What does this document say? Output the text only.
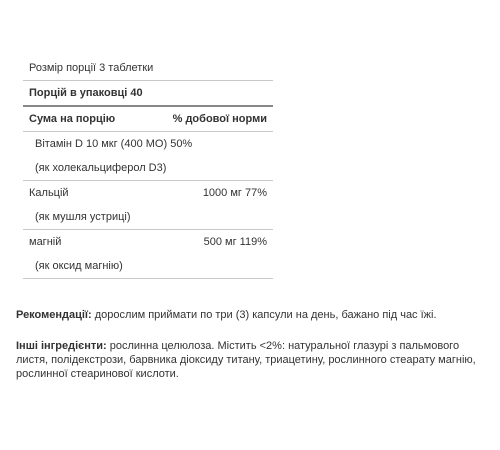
Розмір порції 3 таблетки	
Порцій в упаковці 40	
Сума на порцію	% добової норми
Вітамін D 10 мкг (400 МО) 50%	
(як холекальциферол D3)	
Кальцій	1000 мг 77%
(як мушля устриці)	
магній	500 мг 119%
(як оксид магнію)	

Рекомендації: дорослим приймати по три (3) капсули на день, бажано під час їжі.

Інші інгредієнти: рослинна целюлоза. Містить <2%: натуральної глазурі з пальмового листя, полідекстрози, барвника діоксиду титану, триацетину, рослинного стеарату магнію, рослинної стеаринової кислоти.
